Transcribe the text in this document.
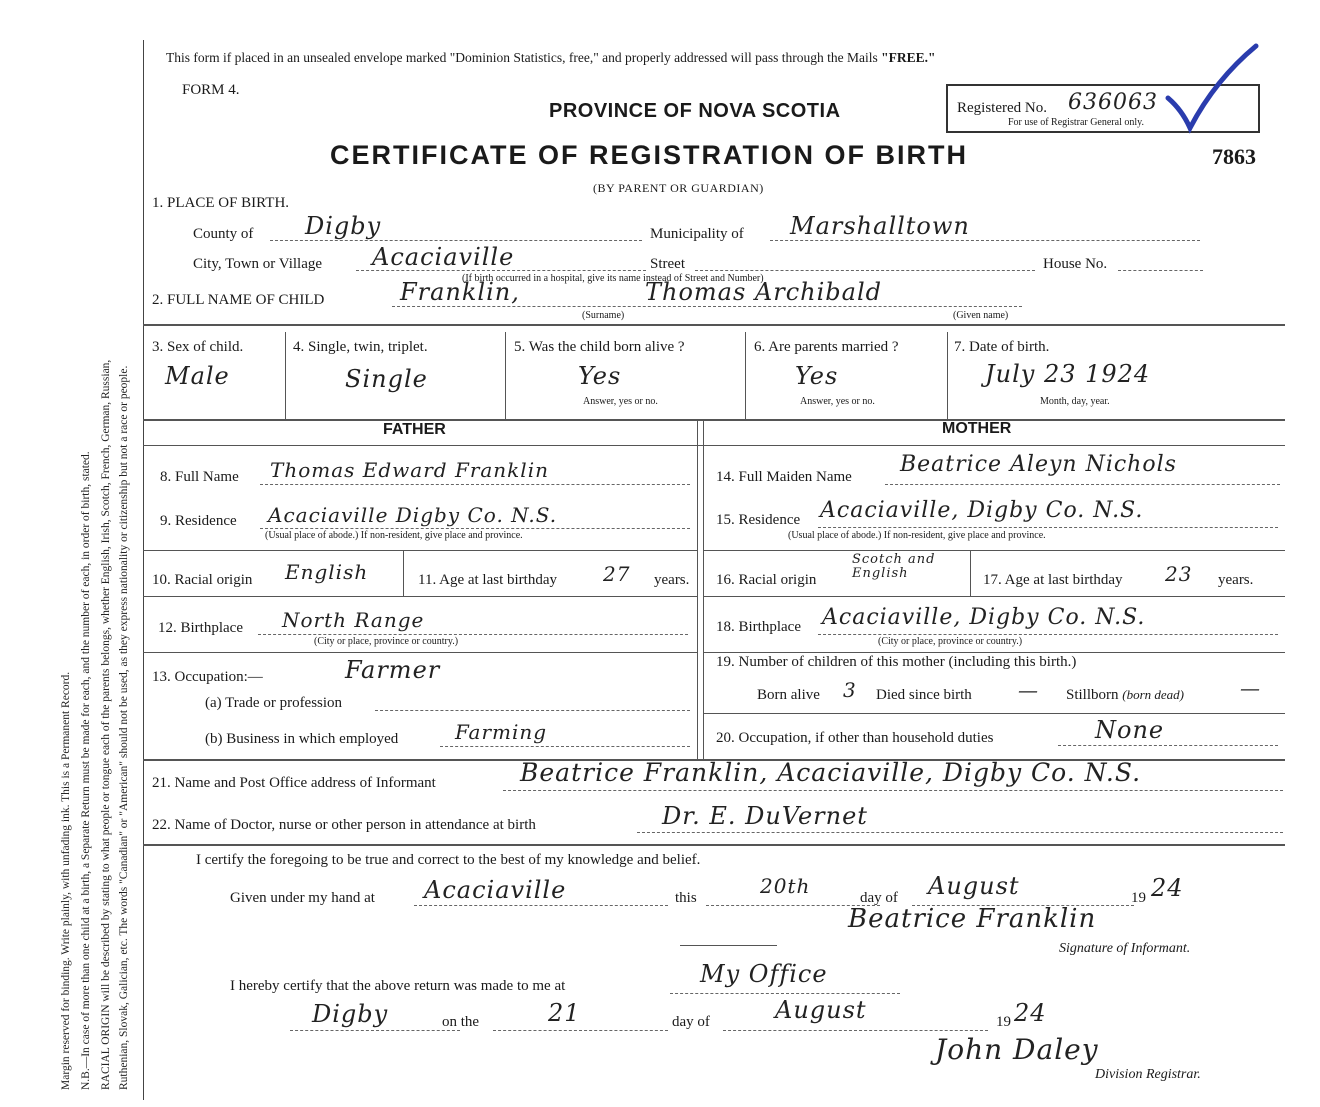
Margin reserved for binding. Write plainly, with unfading ink. This is a Permanent Record. N.B.—In case of more than one child at a birth, a Separate Return must be made for each, and the number of each, in order of birth, stated. RACIAL ORIGIN will be described by stating to what people or tongue each of the parents belongs, whether English, Irish, Scotch, French, German, Russian, Ruthenian, Slovak, Galician, etc. The words "Canadian" or "American" should not be used, as they express nationality or citizenship but not a race or people.
This form if placed in an unsealed envelope marked "Dominion Statistics, free," and properly addressed will pass through the Mails "FREE."
FORM 4.
PROVINCE OF NOVA SCOTIA
CERTIFICATE OF REGISTRATION OF BIRTH
(BY PARENT OR GUARDIAN)
Registered No. 636063
For use of Registrar General only.
7863
1. PLACE OF BIRTH.
County of Digby	Municipality of Marshalltown
City, Town or Village Acaciaville	Street	House No.
(If birth occurred in a hospital, give its name instead of Street and Number)
2. FULL NAME OF CHILD	Franklin,	Thomas Archibald
(Surname)	(Given name)
3. Sex of child.
Male
4. Single, twin, triplet.
Single
5. Was the child born alive ?
Yes
Answer, yes or no.
6. Are parents married ?
Yes
Answer, yes or no.
7. Date of birth.
July 23 1924
Month, day, year.
FATHER	MOTHER
8. Full Name Thomas Edward Franklin
9. Residence Acaciaville Digby Co. N.S.
(Usual place of abode.) If non-resident, give place and province.
10. Racial origin English	11. Age at last birthday 27 years.
12. Birthplace North Range
(City or place, province or country.)
13. Occupation:—	Farmer
(a) Trade or profession
(b) Business in which employed	Farming
14. Full Maiden Name Beatrice Aleyn Nichols
15. Residence Acaciaville, Digby Co. N.S.
(Usual place of abode.) If non-resident, give place and province.
16. Racial origin
Scotch and English	17. Age at last birthday 23 years.
18. Birthplace Acaciaville, Digby Co. N.S.
(City or place, province or country.)
19. Number of children of this mother (including this birth.)
Born alive 3 Died since birth — Stillborn (born dead)	—
20. Occupation, if other than household duties	None
21. Name and Post Office address of Informant	Beatrice Franklin, Acaciaville, Digby Co. N.S.
22. Name of Doctor, nurse or other person in attendance at birth	Dr. E. DuVernet
I certify the foregoing to be true and correct to the best of my knowledge and belief.
Given under my hand at Acaciaville	this	20th	day of August	19 24
Beatrice Franklin
Signature of Informant.
I hereby certify that the above return was made to me at	My Office
Digby	on the	21	day of	August	19 24
John Daley
Division Registrar.
